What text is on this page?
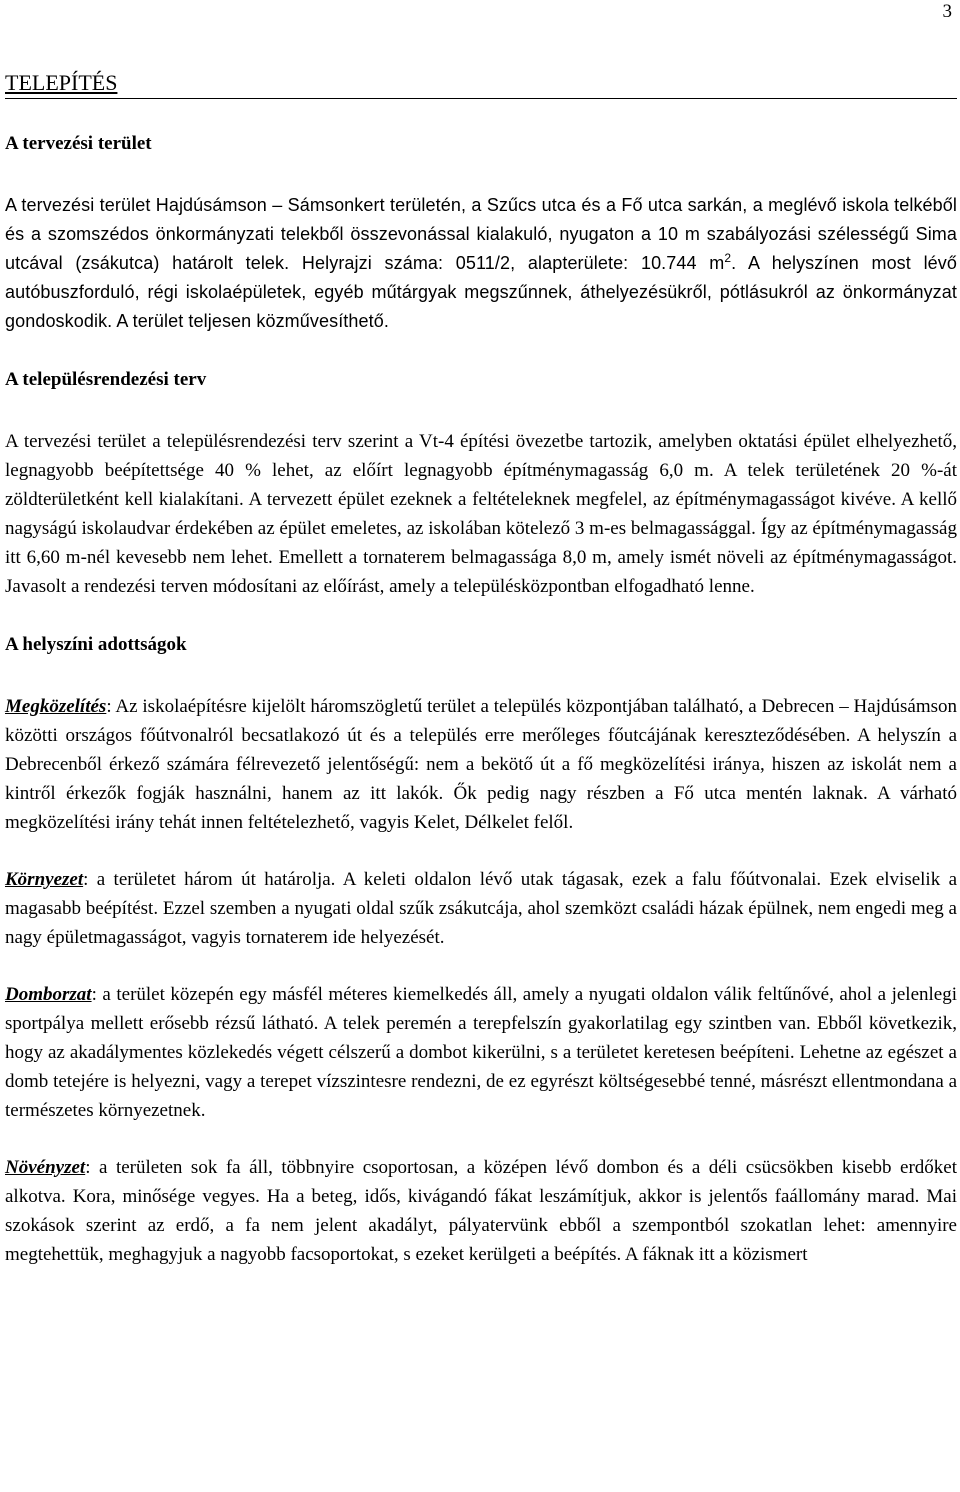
3
TELEPÍTÉS
A tervezési terület

A tervezési terület Hajdúsámson – Sámsonkert területén, a Szűcs utca és a Fő utca sarkán, a meglévő iskola telkéből és a szomszédos önkormányzati telekből összevonással kialakuló, nyugaton a 10 m szabályozási szélességű Sima utcával (zsákutca) határolt telek. Helyrajzi száma: 0511/2, alapterülete: 10.744 $m^2$. A helyszínen most lévő autóbuszforduló, régi iskolaépületek, egyéb műtárgyak megszűnnek, áthelyezésükről, pótlásukról az önkormányzat gondoskodik. A terület teljesen közművesíthető.

A településrendezési terv

A tervezési terület a településrendezési terv szerint a Vt-4 építési övezetbe tartozik, amelyben oktatási épület elhelyezhető, legnagyobb beépítettsége 40 % lehet, az előírt legnagyobb építménymagasság 6,0 m. A telek területének 20 %-át zöldterületként kell kialakítani. A tervezett épület ezeknek a feltételeknek megfelel, az építménymagasságot kivéve. A kellő nagyságú iskolaudvar érdekében az épület emeletes, az iskolában kötelező 3 m-es belmagassággal. Így az építménymagasság itt 6,60 m-nél kevesebb nem lehet. Emellett a tornaterem belmagassága 8,0 m, amely ismét növeli az építménymagasságot. Javasolt a rendezési terven módosítani az előírást, amely a településközpontban elfogadható lenne.

A helyszíni adottságok

Megközelítés: Az iskolaépítésre kijelölt háromszögletű terület a település központjában található, a Debrecen – Hajdúsámson közötti országos főútvonalról becsatlakozó út és a település erre merőleges főutcájának kereszteződésében. A helyszín a Debrecenből érkező számára félrevezető jelentőségű: nem a bekötő út a fő megközelítési iránya, hiszen az iskolát nem a kintről érkezők fogják használni, hanem az itt lakók. Ők pedig nagy részben a Fő utca mentén laknak. A várható megközelítési irány tehát innen feltételezhető, vagyis Kelet, Délkelet felől.

Környezet: a területet három út határolja. A keleti oldalon lévő utak tágasak, ezek a falu főútvonalai. Ezek elviselik a magasabb beépítést. Ezzel szemben a nyugati oldal szűk zsákutcája, ahol szemközt családi házak épülnek, nem engedi meg a nagy épületmagasságot, vagyis tornaterem ide helyezését.

Domborzat: a terület közepén egy másfél méteres kiemelkedés áll, amely a nyugati oldalon válik feltűnővé, ahol a jelenlegi sportpálya mellett erősebb rézsű látható. A telek peremén a terepfelszín gyakorlatilag egy szintben van. Ebből következik, hogy az akadálymentes közlekedés végett célszerű a dombot kikerülni, s a területet keretesen beépíteni. Lehetne az egészet a domb tetejére is helyezni, vagy a terepet vízszintesre rendezni, de ez egyrészt költségesebbé tenné, másrészt ellentmondana a természetes környezetnek.

Növényzet: a területen sok fa áll, többnyire csoportosan, a középen lévő dombon és a déli csücsökben kisebb erdőket alkotva. Kora, minősége vegyes. Ha a beteg, idős, kivágandó fákat leszámítjuk, akkor is jelentős faállomány marad. Mai szokások szerint az erdő, a fa nem jelent akadályt, pályatervünk ebből a szempontból szokatlan lehet: amennyire megtehettük, meghagyjuk a nagyobb facsoportokat, s ezeket kerülgeti a beépítés. A fáknak itt a közismert
